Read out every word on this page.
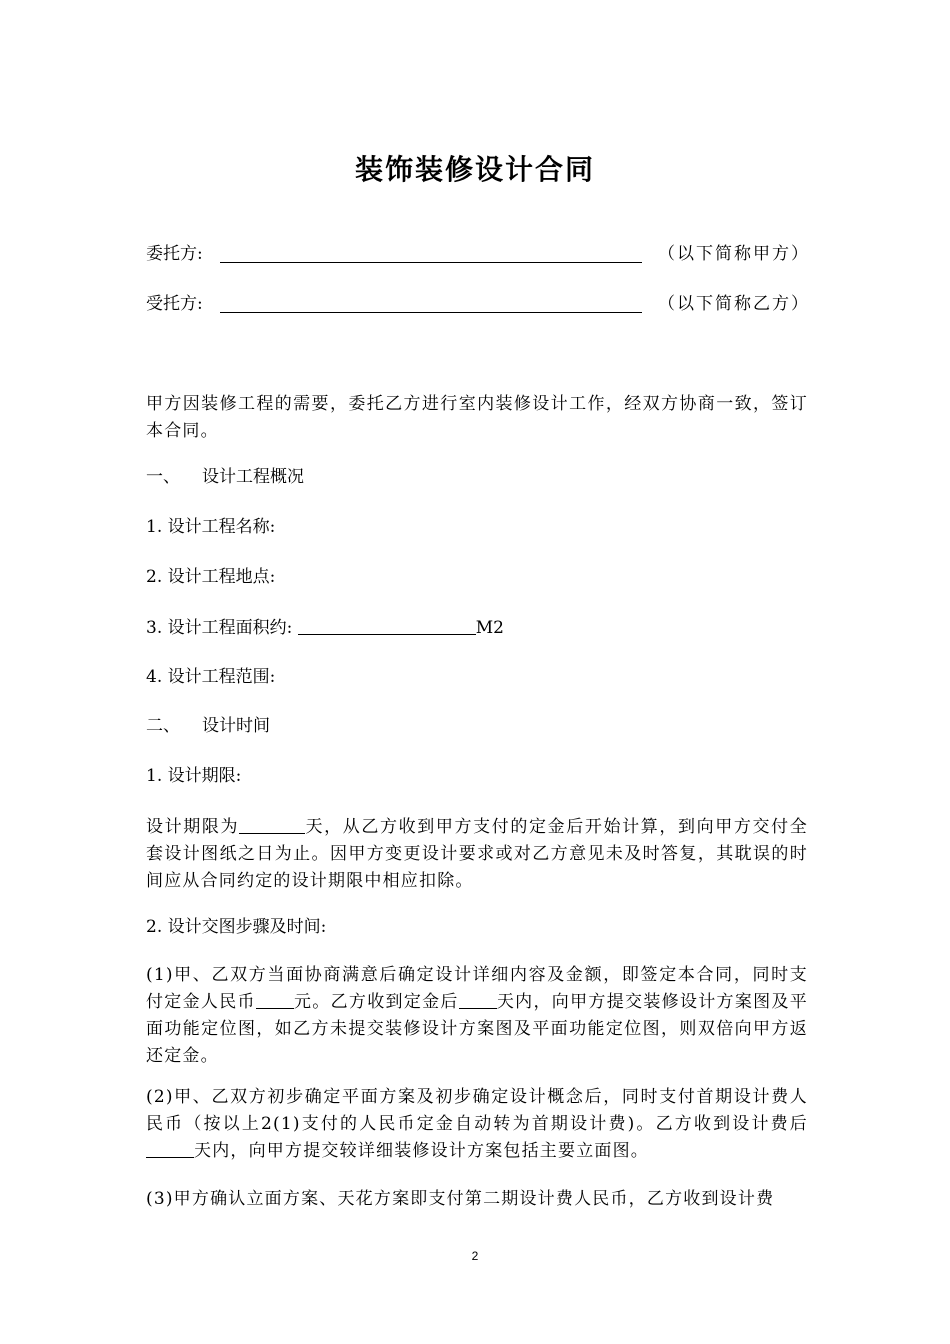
装饰装修设计合同
委托方:	（以下简称甲方）
受托方:	（以下简称乙方）
甲方因装修工程的需要，委托乙方进行室内装修设计工作，经双方协商一致，签订本合同。
一、 设计工程概况
1. 设计工程名称:
2. 设计工程地点:
3. 设计工程面积约:	M2
4. 设计工程范围:
二、 设计时间
1. 设计期限:
设计期限为	天，从乙方收到甲方支付的定金后开始计算，到向甲方交付全套设计图纸之日为止。因甲方变更设计要求或对乙方意见未及时答复，其耽误的时间应从合同约定的设计期限中相应扣除。
2. 设计交图步骤及时间:
(1)甲、乙双方当面协商满意后确定设计详细内容及金额，即签定本合同，同时支付定金人民币 元。乙方收到定金后 天内，向甲方提交装修设计方案图及平面功能定位图，如乙方未提交装修设计方案图及平面功能定位图，则双倍向甲方返还定金。
(2)甲、乙双方初步确定平面方案及初步确定设计概念后，同时支付首期设计费人民币（按以上2(1)支付的人民币定金自动转为首期设计费)。乙方收到设计费后天内，向甲方提交较详细装修设计方案包括主要立面图。
(3)甲方确认立面方案、天花方案即支付第二期设计费人民币，乙方收到设计费
2
